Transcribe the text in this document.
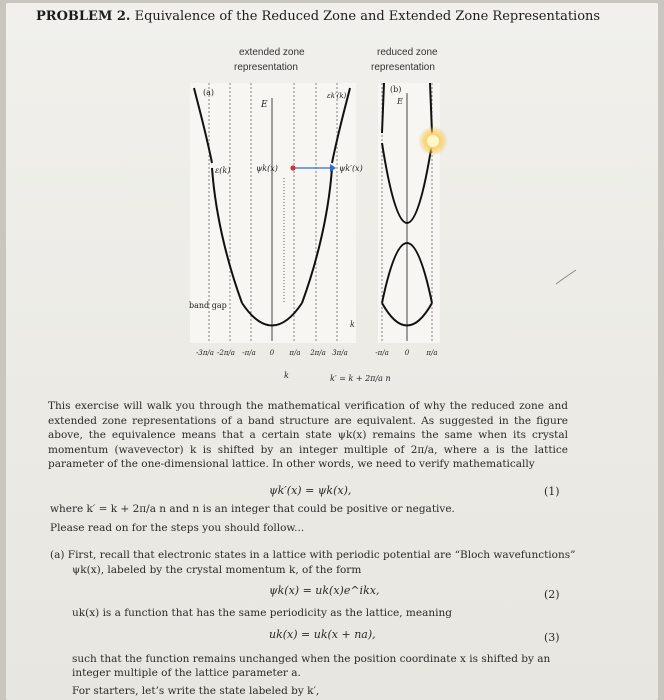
PROBLEM 2. Equivalence of the Reduced Zone and Extended Zone Representations
(a)
E
ε(k)
εk′(k)
ψk(x)	ψk′(x)
band gap
k
k
-3π/a -2π/a -π/a 0 π/a 2π/a 3π/a
(b)
E
k′ = k + 2π/a n
-π/a 0 π/a
extended zone
representation
reduced zone
representation
This exercise will walk you through the mathematical verification of why the reduced zone and extended zone representations of a band structure are equivalent. As suggested in the figure above, the equivalence means that a certain state ψk(x) remains the same when its crystal momentum (wavevector) k is shifted by an integer multiple of 2π/a, where a is the lattice parameter of the one-dimensional lattice. In other words, we need to verify mathematically
ψk′(x) = ψk(x),	(1)
where k′ = k + 2π/a n and n is an integer that could be positive or negative.
Please read on for the steps you should follow...
(a) First, recall that electronic states in a lattice with periodic potential are “Bloch wavefunctions”
ψk(x), labeled by the crystal momentum k, of the form
ψk(x) = uk(x)e^ikx,	(2)
uk(x) is a function that has the same periodicity as the lattice, meaning
uk(x) = uk(x + na),	(3)
such that the function remains unchanged when the position coordinate x is shifted by an
integer multiple of the lattice parameter a.
For starters, let’s write the state labeled by k′,
